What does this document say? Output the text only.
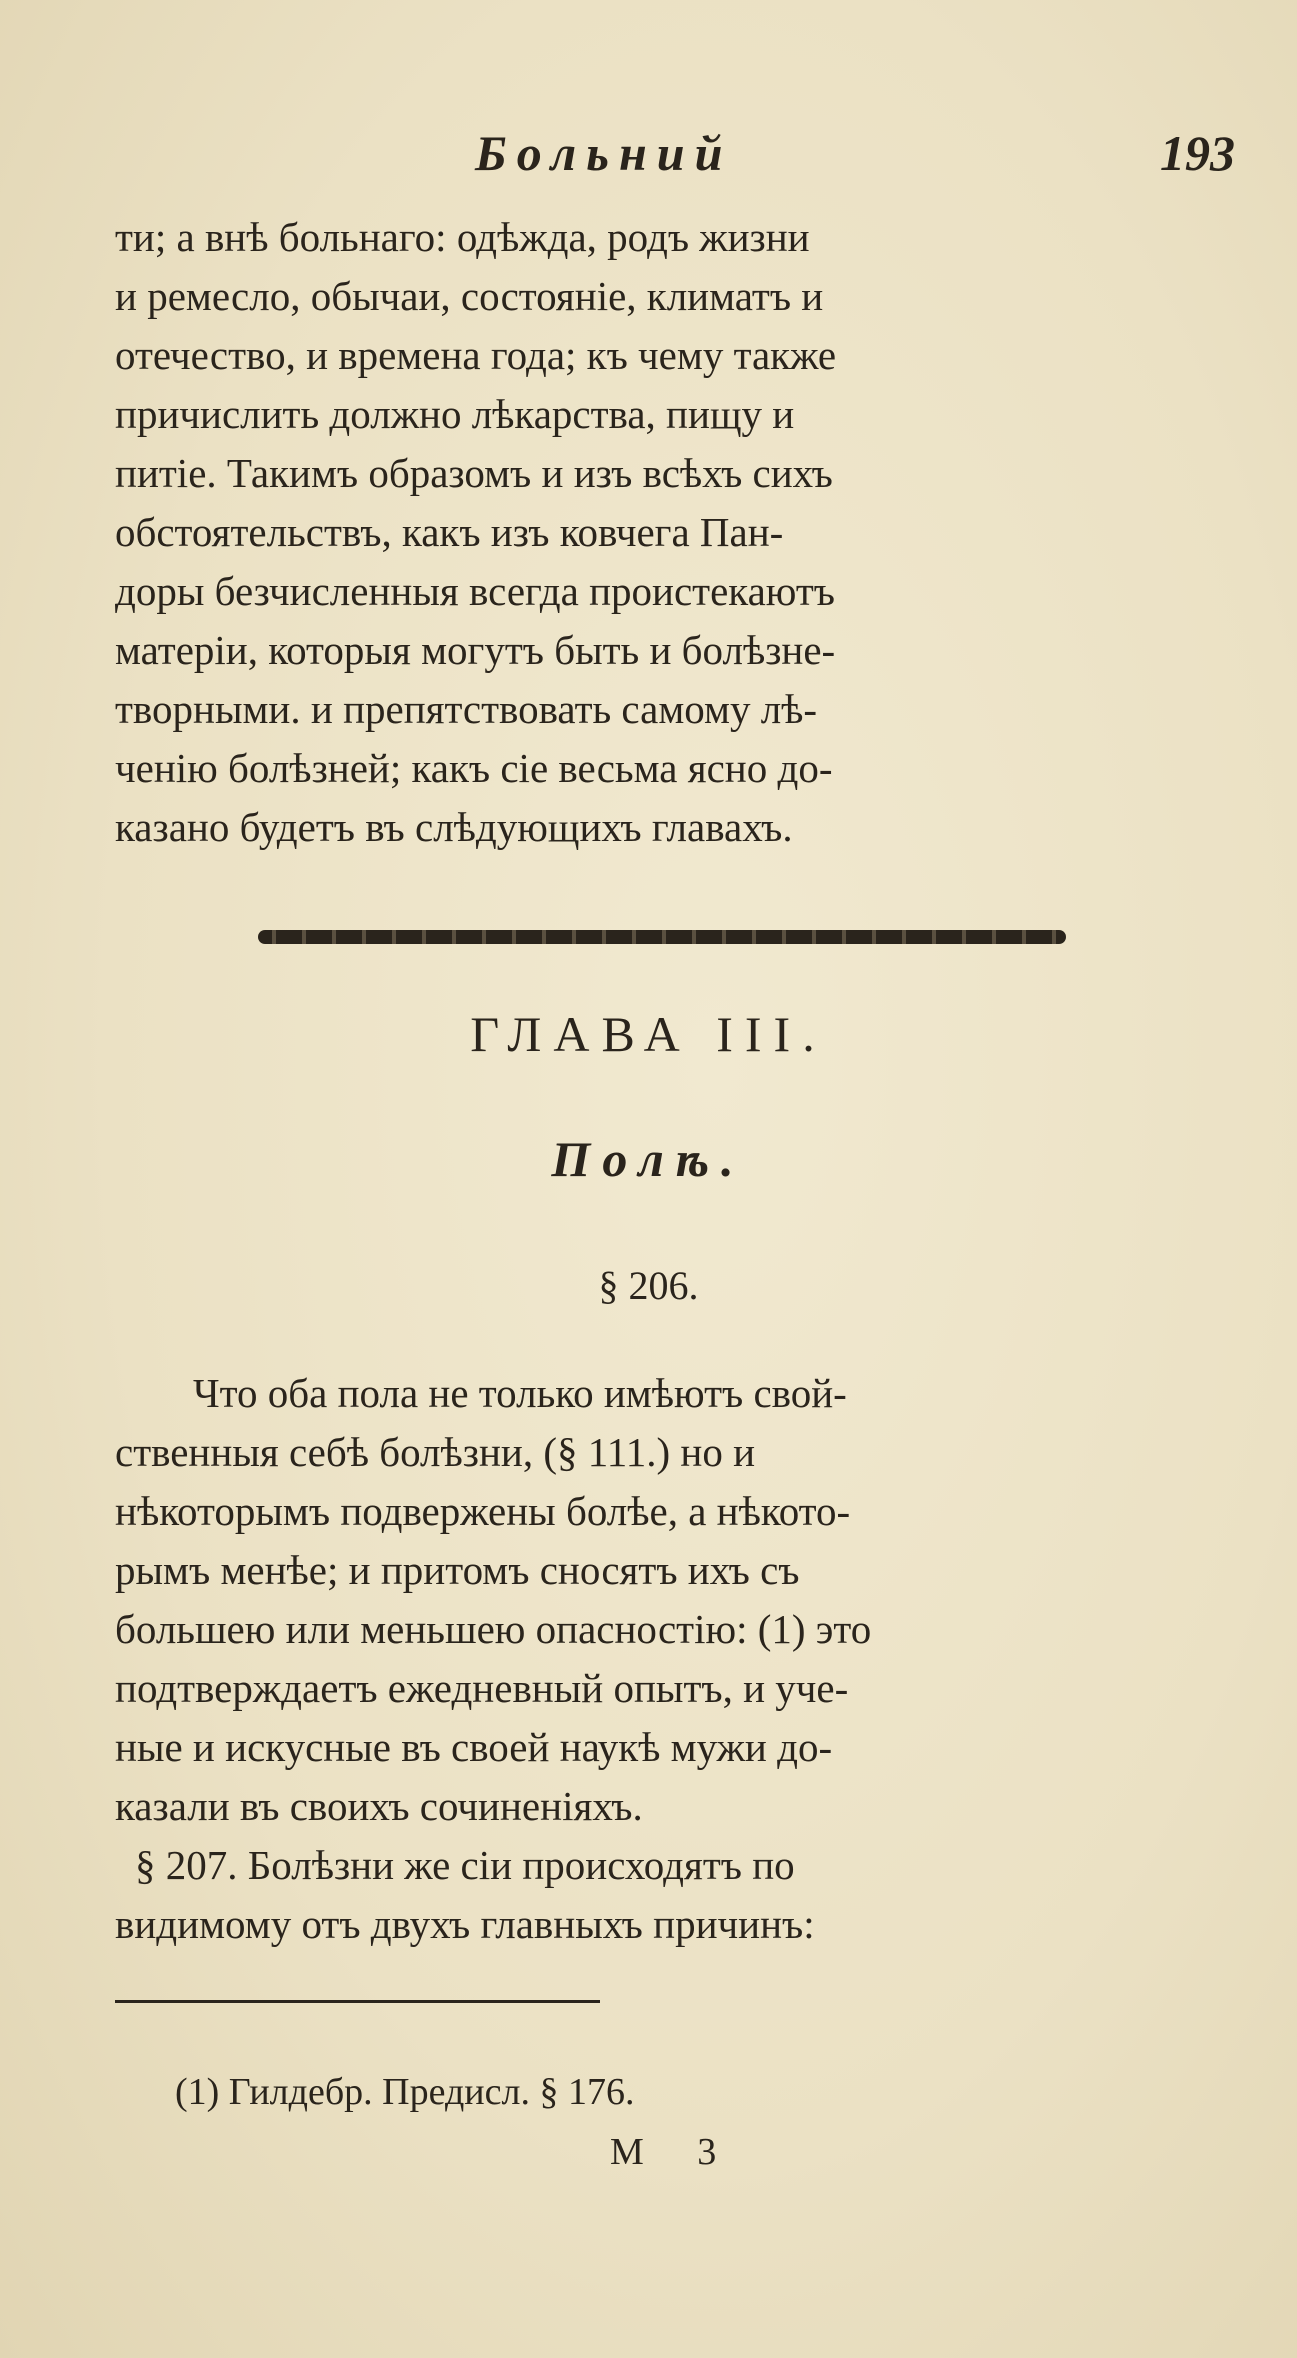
Больний	193

ти; а внѣ больнаго: одѣжда, родъ жизни
и ремесло, обычаи, состоянie, климатъ и
отечество, и времена года; къ чему также
причислить должно лѣкарства, пищу и
питie. Такимъ образомъ и изъ всѣхъ сихъ
обстоятельствъ, какъ изъ ковчега Пан-
доры безчисленныя всегда проистекаютъ
матерiи, которыя могутъ быть и болѣзне-
творными. и препятствовать самому лѣ-
ченiю болѣзней; какъ сie весьма ясно до-
казано будетъ въ слѣдующихъ главахъ.

ГЛАВА III.
Полѣ.
§ 206.

Что оба пола не только имѣютъ свой-
ственныя себѣ болѣзни, (§ 111.) но и
нѣкоторымъ подвержены болѣе, а нѣкото-
рымъ менѣе; и притомъ сносятъ ихъ съ
большею или меньшею опасностiю: (1) это
подтверждаетъ ежедневный опытъ, и уче-
ные и искусные въ своей наукѣ мужи до-
казали въ своихъ сочиненiяхъ.
§ 207. Болѣзни же сiи происходятъ по
видимому отъ двухъ главныхъ причинъ:

(1) Гилдебр. Предисл. § 176.
М 3
